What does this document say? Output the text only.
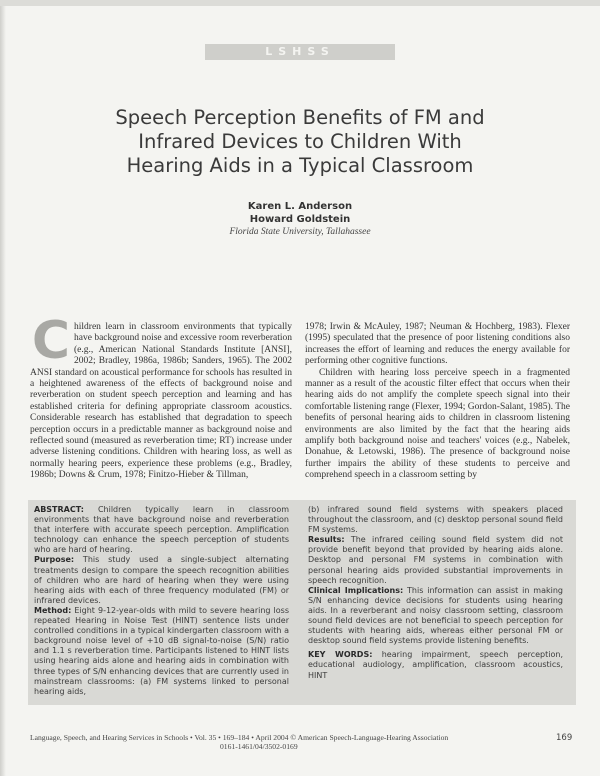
LSHSS
Speech Perception Benefits of FM and
Infrared Devices to Children With
Hearing Aids in a Typical Classroom
Karen L. Anderson
Howard Goldstein
Florida State University, Tallahassee
C hildren learn in classroom environments that typically have background noise and excessive room reverberation (e.g., American National Standards Institute [ANSI], 2002; Bradley, 1986a, 1986b; Sanders, 1965). The 2002 ANSI standard on acoustical performance for schools has resulted in a heightened awareness of the effects of background noise and reverberation on student speech perception and learning and has established criteria for defining appropriate classroom acoustics. Considerable research has established that degradation to speech perception occurs in a predictable manner as background noise and reflected sound (measured as reverberation time; RT) increase under adverse listening conditions. Children with hearing loss, as well as normally hearing peers, experience these problems (e.g., Bradley, 1986b; Downs & Crum, 1978; Finitzo-Hieber & Tillman,

1978; Irwin & McAuley, 1987; Neuman & Hochberg, 1983). Flexer (1995) speculated that the presence of poor listening conditions also increases the effort of learning and reduces the energy available for performing other cognitive functions.

Children with hearing loss perceive speech in a fragmented manner as a result of the acoustic filter effect that occurs when their hearing aids do not amplify the complete speech signal into their comfortable listening range (Flexer, 1994; Gordon-Salant, 1985). The benefits of personal hearing aids to children in classroom listening environments are also limited by the fact that the hearing aids amplify both background noise and teachers' voices (e.g., Nabelek, Donahue, & Letowski, 1986). The presence of background noise further impairs the ability of these students to perceive and comprehend speech in a classroom setting by

ABSTRACT: Children typically learn in classroom environments that have background noise and reverberation that interfere with accurate speech perception. Amplification technology can enhance the speech perception of students who are hard of hearing.

Purpose: This study used a single-subject alternating treatments design to compare the speech recognition abilities of children who are hard of hearing when they were using hearing aids with each of three frequency modulated (FM) or infrared devices.

Method: Eight 9-12-year-olds with mild to severe hearing loss repeated Hearing in Noise Test (HINT) sentence lists under controlled conditions in a typical kindergarten classroom with a background noise level of +10 dB signal-to-noise (S/N) ratio and 1.1 s reverberation time. Participants listened to HINT lists using hearing aids alone and hearing aids in combination with three types of S/N enhancing devices that are currently used in mainstream classrooms: (a) FM systems linked to personal hearing aids,

(b) infrared sound field systems with speakers placed throughout the classroom, and (c) desktop personal sound field FM systems.

Results: The infrared ceiling sound field system did not provide benefit beyond that provided by hearing aids alone. Desktop and personal FM systems in combination with personal hearing aids provided substantial improvements in speech recognition.

Clinical Implications: This information can assist in making S/N enhancing device decisions for students using hearing aids. In a reverberant and noisy classroom setting, classroom sound field devices are not beneficial to speech perception for students with hearing aids, whereas either personal FM or desktop sound field systems provide listening benefits.

KEY WORDS: hearing impairment, speech perception, educational audiology, amplification, classroom acoustics, HINT

Language, Speech, and Hearing Services in Schools • Vol. 35 • 169–184 • April 2004 © American Speech-Language-Hearing Association
0161-1461/04/3502-0169
169
